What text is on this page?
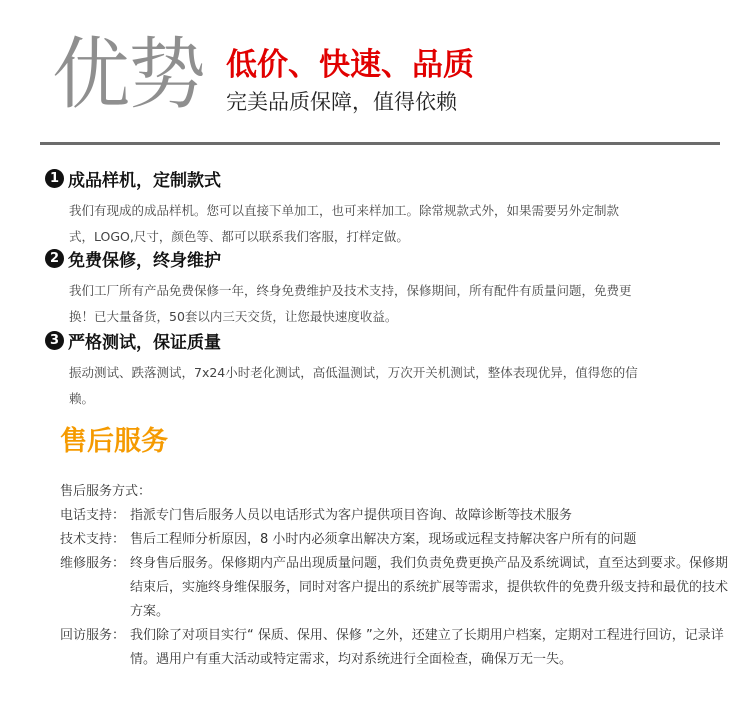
优势 低价、快速、品质
完美品质保障，值得依赖
1 成品样机，定制款式
我们有现成的成品样机。您可以直接下单加工，也可来样加工。除常规款式外，如果需要另外定制款式，LOGO,尺寸，颜色等、都可以联系我们客服，打样定做。
2 免费保修，终身维护
我们工厂所有产品免费保修一年，终身免费维护及技术支持，保修期间，所有配件有质量问题，免费更换！已大量备货，50套以内三天交货，让您最快速度收益。
3 严格测试，保证质量
振动测试、跌落测试，7x24小时老化测试，高低温测试，万次开关机测试，整体表现优异，值得您的信赖。
售后服务
售后服务方式：
电话支持： 指派专门售后服务人员以电话形式为客户提供项目咨询、故障诊断等技术服务
技术支持： 售后工程师分析原因，8 小时内必须拿出解决方案，现场或远程支持解决客户所有的问题
维修服务： 终身售后服务。保修期内产品出现质量问题，我们负责免费更换产品及系统调试，直至达到要求。保修期结束后，实施终身维保服务，同时对客户提出的系统扩展等需求，提供软件的免费升级支持和最优的技术方案。
回访服务： 我们除了对项目实行“ 保质、保用、保修 ”之外，还建立了长期用户档案，定期对工程进行回访，记录详情。遇用户有重大活动或特定需求，均对系统进行全面检查，确保万无一失。
